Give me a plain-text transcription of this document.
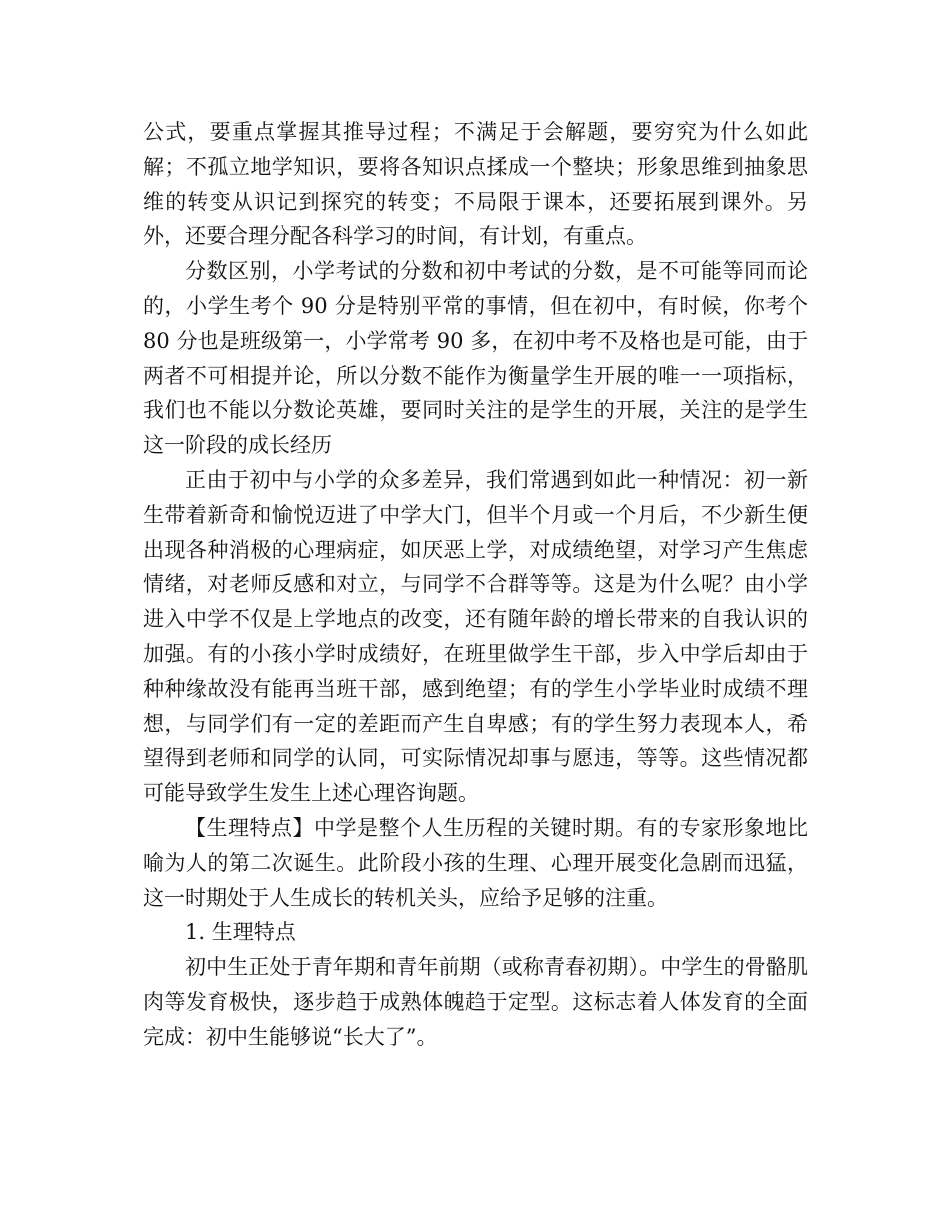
公式，要重点掌握其推导过程；不满足于会解题，要穷究为什么如此解；不孤立地学知识，要将各知识点揉成一个整块；形象思维到抽象思维的转变从识记到探究的转变；不局限于课本，还要拓展到课外。另外，还要合理分配各科学习的时间，有计划，有重点。

分数区别，小学考试的分数和初中考试的分数，是不可能等同而论的，小学生考个 90 分是特别平常的事情，但在初中，有时候，你考个 80 分也是班级第一，小学常考 90 多，在初中考不及格也是可能，由于两者不可相提并论，所以分数不能作为衡量学生开展的唯一一项指标，我们也不能以分数论英雄，要同时关注的是学生的开展，关注的是学生这一阶段的成长经历

正由于初中与小学的众多差异，我们常遇到如此一种情况：初一新生带着新奇和愉悦迈进了中学大门，但半个月或一个月后，不少新生便出现各种消极的心理病症，如厌恶上学，对成绩绝望，对学习产生焦虑情绪，对老师反感和对立，与同学不合群等等。这是为什么呢？由小学进入中学不仅是上学地点的改变，还有随年龄的增长带来的自我认识的加强。有的小孩小学时成绩好，在班里做学生干部，步入中学后却由于种种缘故没有能再当班干部，感到绝望；有的学生小学毕业时成绩不理想，与同学们有一定的差距而产生自卑感；有的学生努力表现本人，希望得到老师和同学的认同，可实际情况却事与愿违，等等。这些情况都可能导致学生发生上述心理咨询题。

【生理特点】中学是整个人生历程的关键时期。有的专家形象地比喻为人的第二次诞生。此阶段小孩的生理、心理开展变化急剧而迅猛，这一时期处于人生成长的转机关头，应给予足够的注重。

1. 生理特点

初中生正处于青年期和青年前期（或称青春初期）。中学生的骨骼肌肉等发育极快，逐步趋于成熟体魄趋于定型。这标志着人体发育的全面完成：初中生能够说“长大了”。
